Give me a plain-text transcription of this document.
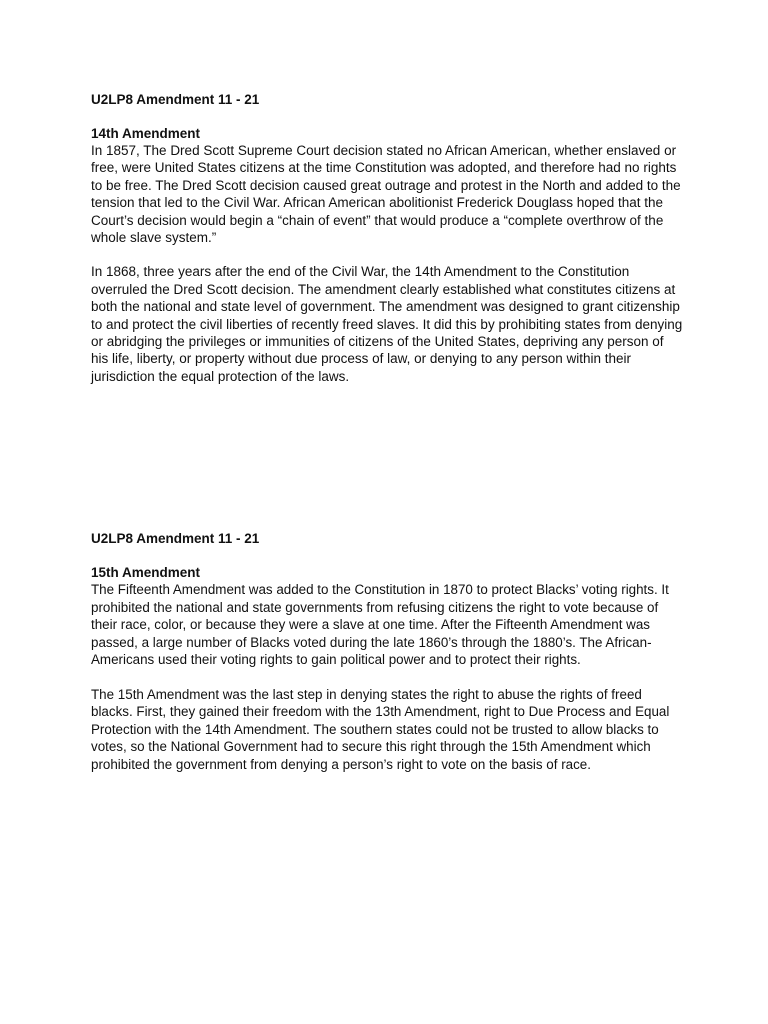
U2LP8 Amendment 11 - 21

14th Amendment

In 1857, The Dred Scott Supreme Court decision stated no African American, whether enslaved or free, were United States citizens at the time Constitution was adopted, and therefore had no rights to be free. The Dred Scott decision caused great outrage and protest in the North and added to the tension that led to the Civil War. African American abolitionist Frederick Douglass hoped that the Court’s decision would begin a “chain of event” that would produce a “complete overthrow of the whole slave system.”

In 1868, three years after the end of the Civil War, the 14th Amendment to the Constitution overruled the Dred Scott decision. The amendment clearly established what constitutes citizens at both the national and state level of government. The amendment was designed to grant citizenship to and protect the civil liberties of recently freed slaves. It did this by prohibiting states from denying or abridging the privileges or immunities of citizens of the United States, depriving any person of his life, liberty, or property without due process of law, or denying to any person within their jurisdiction the equal protection of the laws.

U2LP8 Amendment 11 - 21

15th Amendment

The Fifteenth Amendment was added to the Constitution in 1870 to protect Blacks’ voting rights. It prohibited the national and state governments from refusing citizens the right to vote because of their race, color, or because they were a slave at one time. After the Fifteenth Amendment was passed, a large number of Blacks voted during the late 1860’s through the 1880’s. The African-Americans used their voting rights to gain political power and to protect their rights.

The 15th Amendment was the last step in denying states the right to abuse the rights of freed blacks. First, they gained their freedom with the 13th Amendment, right to Due Process and Equal Protection with the 14th Amendment. The southern states could not be trusted to allow blacks to votes, so the National Government had to secure this right through the 15th Amendment which prohibited the government from denying a person’s right to vote on the basis of race.
